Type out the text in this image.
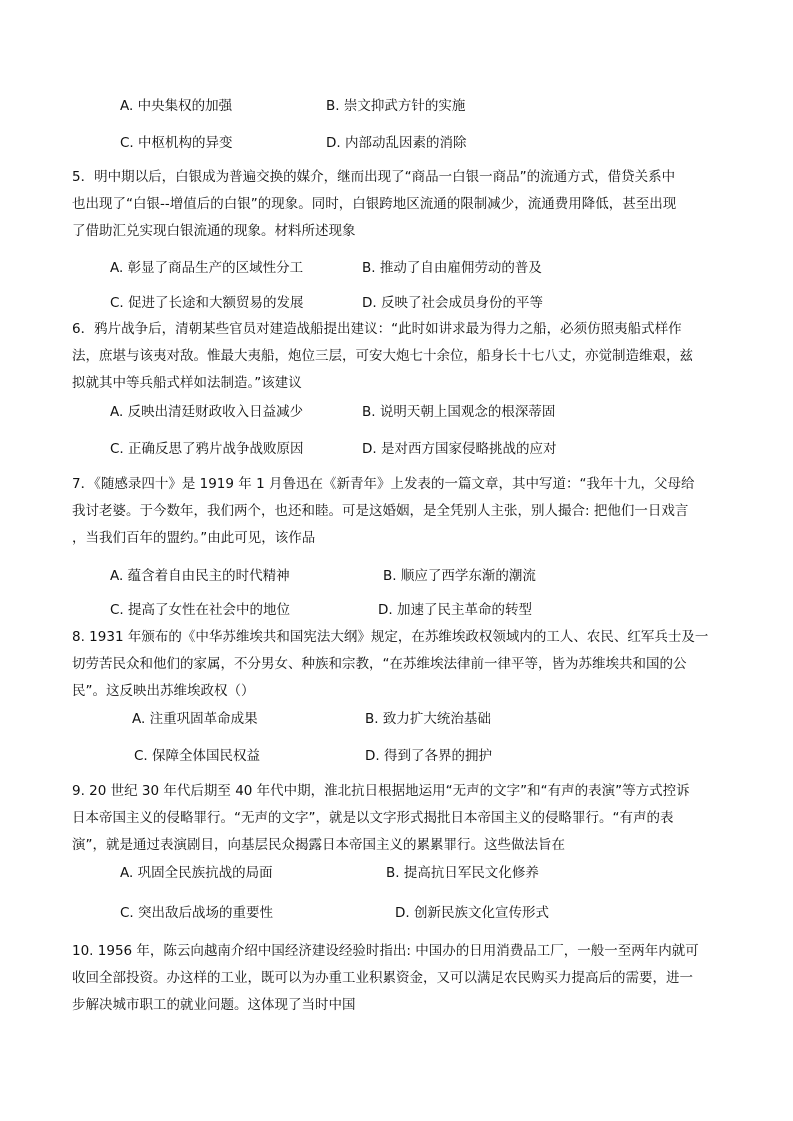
A. 中央集权的加强	B. 崇文抑武方针的实施
C. 中枢机构的异变	D. 内部动乱因素的消除
5．明中期以后，白银成为普遍交换的媒介，继而出现了“商品一白银一商品”的流通方式，借贷关系中
也出现了“白银--增值后的白银”的现象。同时，白银跨地区流通的限制减少，流通费用降低，甚至出现
了借助汇兑实现白银流通的现象。材料所述现象
A. 彰显了商品生产的区域性分工	B. 推动了自由雇佣劳动的普及
C. 促进了长途和大额贸易的发展	D. 反映了社会成员身份的平等
6．鸦片战争后，清朝某些官员对建造战船提出建议：“此时如讲求最为得力之船，必须仿照夷船式样作
法，庶堪与该夷对敌。惟最大夷船，炮位三层，可安大炮七十余位，船身长十七八丈，亦觉制造维艰，兹
拟就其中等兵船式样如法制造。”该建议
A. 反映出清廷财政收入日益减少	B. 说明天朝上国观念的根深蒂固
C. 正确反思了鸦片战争战败原因	D. 是对西方国家侵略挑战的应对
7．《随感录四十》是 1919 年 1 月鲁迅在《新青年》上发表的一篇文章，其中写道：“我年十九，父母给
我讨老婆。于今数年，我们两个，也还和睦。可是这婚姻，是全凭别人主张，别人撮合: 把他们一日戏言
，当我们百年的盟约。”由此可见，该作品
A. 蕴含着自由民主的时代精神	B. 顺应了西学东渐的潮流
C. 提高了女性在社会中的地位	D. 加速了民主革命的转型
8. 1931 年颁布的《中华苏维埃共和国宪法大纲》规定，在苏维埃政权领域内的工人、农民、红军兵士及一
切劳苦民众和他们的家属，不分男女、种族和宗教，“在苏维埃法律前一律平等，皆为苏维埃共和国的公
民”。这反映出苏维埃政权（）
A. 注重巩固革命成果	B. 致力扩大统治基础
C. 保障全体国民权益	D. 得到了各界的拥护
9. 20 世纪 30 年代后期至 40 年代中期，淮北抗日根据地运用“无声的文字”和“有声的表演”等方式控诉
日本帝国主义的侵略罪行。“无声的文字”，就是以文字形式揭批日本帝国主义的侵略罪行。“有声的表
演”，就是通过表演剧目，向基层民众揭露日本帝国主义的累累罪行。这些做法旨在
A. 巩固全民族抗战的局面	B. 提高抗日军民文化修养
C. 突出敌后战场的重要性	D. 创新民族文化宣传形式
10. 1956 年，陈云向越南介绍中国经济建设经验时指出: 中国办的日用消费品工厂，一般一至两年内就可
收回全部投资。办这样的工业，既可以为办重工业积累资金，又可以满足农民购买力提高后的需要，进一
步解决城市职工的就业问题。这体现了当时中国
